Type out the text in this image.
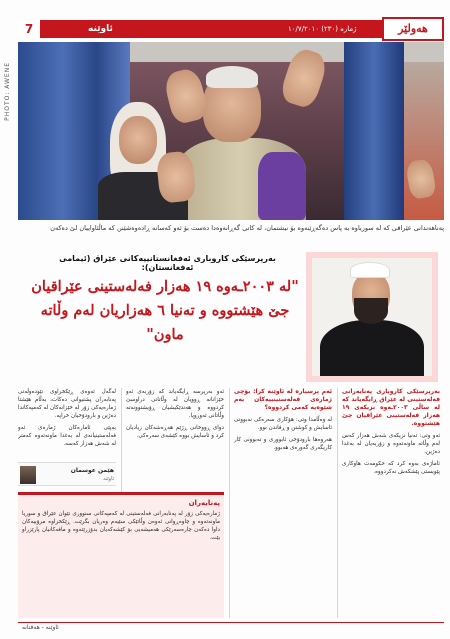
7	ئاوێنە	ژمارە (٢٣٠) ١٠/٧/٢٠١٠	هەولێر
PHOTO: AWENE
پەناهەندانی عێراقی کە لە سوریاوە بە پاس دەگەڕێنەوە بۆ نیشتمان، لە کاتی گەڕانەوەدا دەست بۆ ئەو کەسانە ڕادەوەشێنن کە ماڵئاواییان لێ دەکەن
بەرپرسێکی کاروباری ئەفغانستانییەکانی عێراق (ئیمامی ئەفغانستان):
"لە ٢٠٠٣ـەوە ١٩ هەزار فەلەستینی عێراقیان جێ هێشتووە و تەنیا ٦ هەزاریان لەم وڵاتە ماون"

لەگەڵ ئەوەی ڕێکخراوی نێودەوڵەتی پەنابەران پشتیوانی دەکات، بەڵام هێشتا ژمارەیەکی زۆر لە خێزانەکان لە کەمپەکاندا دەژین و بارودۆخیان خراپە.

بەپێی ئامارەکان ژمارەی ئەو فەلەستینیانەی لە بەغدا ماونەتەوە کەمتر لە شەش هەزار کەسە.

ئەو بەرپرسە ڕایگەیاند کە زۆربەی ئەو خێزانانە ڕوویان لە وڵاتانی دراوسێ کردووە و هەندێکیشیان ڕۆیشتوونەتە وڵاتانی ئەوروپا.

دوای ڕووخانی ڕژێم هەڕەشەکان زیادیان کرد و ئاسایش بووە کێشەی سەرەکی.

ئەم پرسیارە لە ئاوێنە کرا: بۆچی ژمارەی فەلەستینییەکان بەم شێوەیە کەمی کردووە؟

لە وەڵامدا وتی: هۆکاری سەرەکی نەبوونی ئاسایش و کوشتن و ڕفاندن بوو.

هەروەها بارودۆخی ئابووری و نەبوونی کار کاریگەری گەورەی هەبوو.

بەرپرسێکی کاروباری پەنابەرانی فەلەستینی لە عێراق ڕایگەیاند کە لە ساڵی ٢٠٠٣ـەوە نزیکەی ١٩ هەزار فەلەستینی عێراقیان جێ هێشتووە.

ئەو وتی: تەنیا نزیکەی شەش هەزار کەس لەم وڵاتە ماونەتەوە و زۆربەیان لە بەغدا دەژین.

ئاماژەی بەوە کرد کە حکومەت هاوکاری پێویستی پێشکەش نەکردووە.

هێمن عوسمان
ئاوێنە
پەنابەران

ژمارەیەکی زۆر لە پەنابەرانی فەلەستینی لە کەمپەکانی سنووری نێوان عێراق و سوریا ماونەتەوە و چاوەڕوانی ئەوەن وڵاتێکی سێیەم وەریان بگرێت. ڕێکخراوە مرۆییەکان داوا دەکەن چارەسەرێکی هەمیشەیی بۆ کێشەکەیان بدۆزرێتەوە و مافەکانیان پارێزراو بێت.

ئاوێنە - هەفتانە
